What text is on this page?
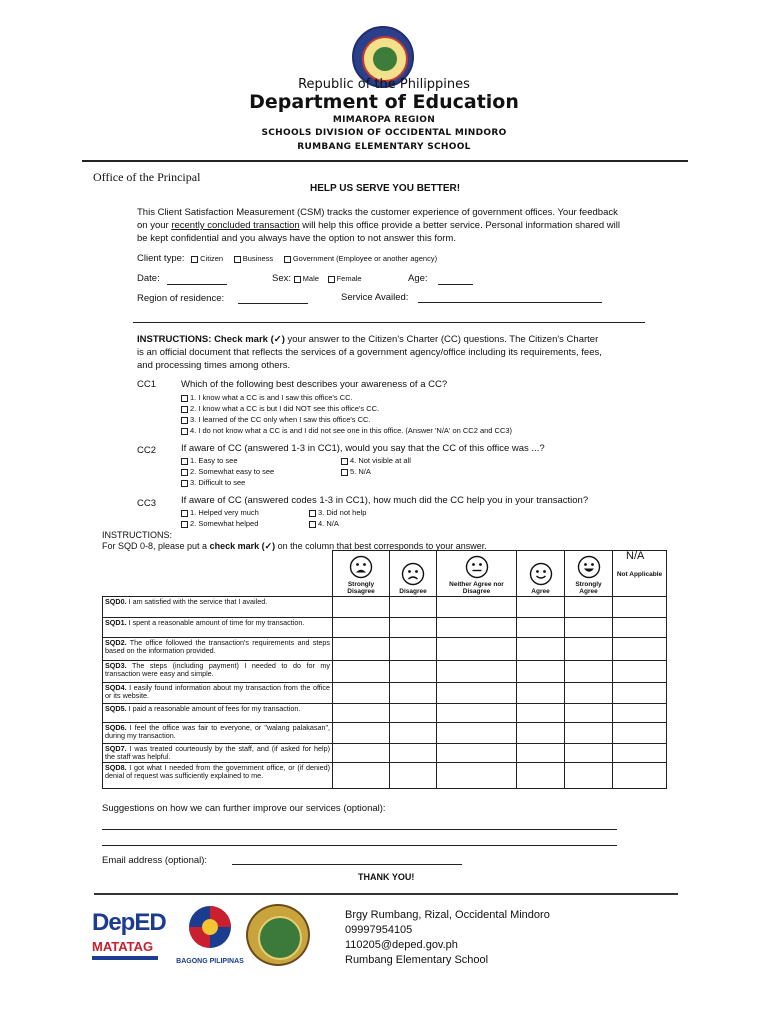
Republic of the Philippines
Department of Education
MIMAROPA REGION
SCHOOLS DIVISION OF OCCIDENTAL MINDORO
RUMBANG ELEMENTARY SCHOOL
Office of the Principal
HELP US SERVE YOU BETTER!
This Client Satisfaction Measurement (CSM) tracks the customer experience of government offices. Your feedback
on your recently concluded transaction will help this office provide a better service. Personal information shared will
be kept confidential and you always have the option to not answer this form.
Client type: Citizen	Business	Government (Employee or another agency)
Date:	Sex: Male Female	Age:
Region of residence:	Service Availed:
INSTRUCTIONS: Check mark (✓) your answer to the Citizen's Charter (CC) questions. The Citizen's Charter
is an official document that reflects the services of a government agency/office including its requirements, fees,
and processing times among others.
CC1	Which of the following best describes your awareness of a CC?
1. I know what a CC is and I saw this office's CC.
2. I know what a CC is but I did NOT see this office's CC.
3. I learned of the CC only when I saw this office's CC.
4. I do not know what a CC is and I did not see one in this office. (Answer 'N/A' on CC2 and CC3)
CC2	If aware of CC (answered 1-3 in CC1), would you say that the CC of this office was ...?
1. Easy to see
2. Somewhat easy to see
3. Difficult to see
4. Not visible at all
5. N/A
CC3	If aware of CC (answered codes 1-3 in CC1), how much did the CC help you in your transaction?
1. Helped very much
2. Somewhat helped
3. Did not help
4. N/A
INSTRUCTIONS:
For SQD 0-8, please put a check mark (✓) on the column that best corresponds to your answer.
N/A

Strongly Disagree	Disagree	Neither Agree nor Disagree	Agree	Strongly Agree	Not Applicable
SQD0. I am satisfied with the service that I availed.						
SQD1. I spent a reasonable amount of time for my transaction.						
SQD2. The office followed the transaction's requirements and steps based on the information provided.						
SQD3. The steps (including payment) I needed to do for my transaction were easy and simple.						
SQD4. I easily found information about my transaction from the office or its website.						
SQD5. I paid a reasonable amount of fees for my transaction.						
SQD6. I feel the office was fair to everyone, or "walang palakasan", during my transaction.						
SQD7. I was treated courteously by the staff, and (if asked for help) the staff was helpful.						
SQD8. I got what I needed from the government office, or (if denied) denial of request was sufficiently explained to me.						
Suggestions on how we can further improve our services (optional):
Email address (optional):
THANK YOU!
DepED
MATATAG
BAGONG PILIPINAS
Brgy Rumbang, Rizal, Occidental Mindoro
09997954105
110205@deped.gov.ph
Rumbang Elementary School
